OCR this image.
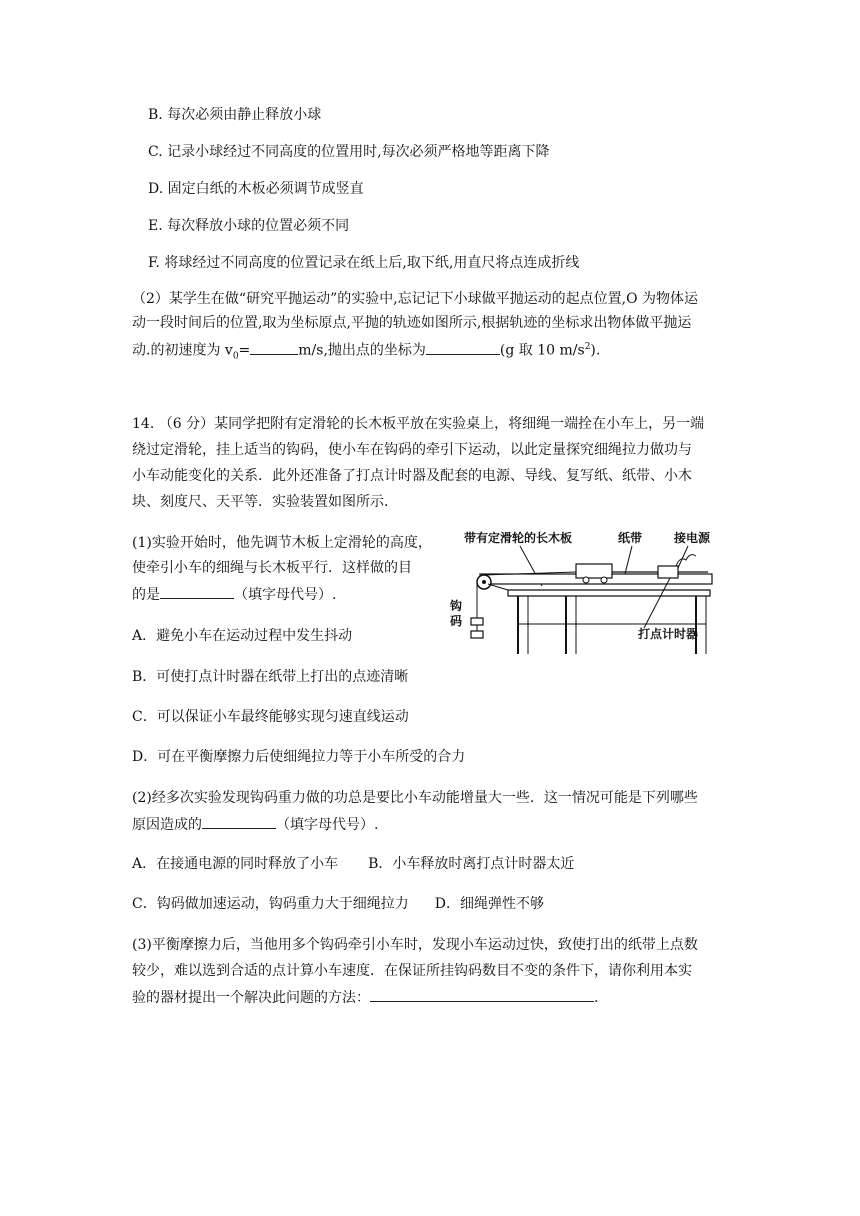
B. 每次必须由静止释放小球
C. 记录小球经过不同高度的位置用时,每次必须严格地等距离下降
D. 固定白纸的木板必须调节成竖直
E. 每次释放小球的位置必须不同
F. 将球经过不同高度的位置记录在纸上后,取下纸,用直尺将点连成折线
（2）某学生在做“研究平抛运动”的实验中,忘记记下小球做平抛运动的起点位置,O 为物体运
动一段时间后的位置,取为坐标原点,平抛的轨迹如图所示,根据轨迹的坐标求出物体做平抛运
动.的初速度为 $v_0=$	m/s,抛出点的坐标为	(g 取 10 $m/s^2$).
14. （6 分）某同学把附有定滑轮的长木板平放在实验桌上，将细绳一端拴在小车上，另一端
绕过定滑轮，挂上适当的钩码，使小车在钩码的牵引下运动，以此定量探究细绳拉力做功与
小车动能变化的关系．此外还准备了打点计时器及配套的电源、导线、复写纸、纸带、小木
块、刻度尺、天平等．实验装置如图所示．
(1)实验开始时，他先调节木板上定滑轮的高度，
使牵引小车的细绳与长木板平行．这样做的目
的是	（填字母代号）.
A．避免小车在运动过程中发生抖动
B．可使打点计时器在纸带上打出的点迹清晰
C．可以保证小车最终能够实现匀速直线运动
D．可在平衡摩擦力后使细绳拉力等于小车所受的合力
带有定滑轮的长木板	纸带	接电源
钩
码
打点计时器
(2)经多次实验发现钩码重力做的功总是要比小车动能增量大一些．这一情况可能是下列哪些
原因造成的	（填字母代号）.
A．在接通电源的同时释放了小车 B．小车释放时离打点计时器太近
C．钩码做加速运动，钩码重力大于细绳拉力 D．细绳弹性不够
(3)平衡摩擦力后，当他用多个钩码牵引小车时，发现小车运动过快，致使打出的纸带上点数
较少，难以选到合适的点计算小车速度．在保证所挂钩码数目不变的条件下，请你利用本实
验的器材提出一个解决此问题的方法：	.
